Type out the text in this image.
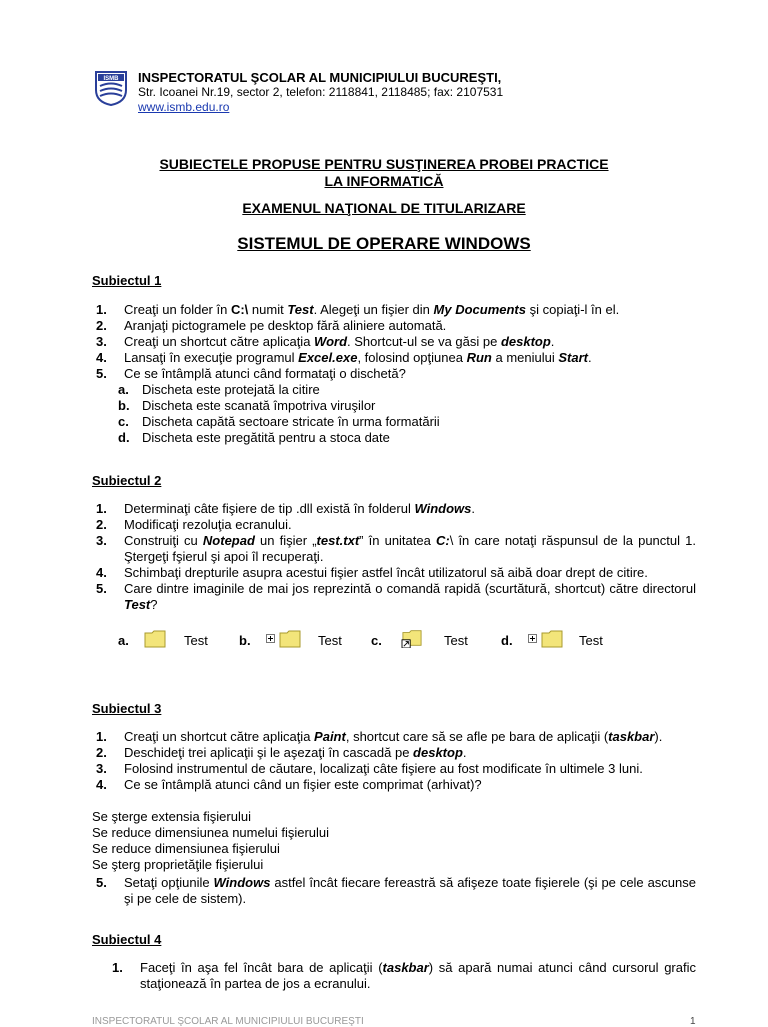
ISMB INSPECTORATUL ŞCOLAR AL MUNICIPIULUI BUCUREŞTI,
Str. Icoanei Nr.19, sector 2, telefon: 2118841, 2118485; fax: 2107531
www.ismb.edu.ro
SUBIECTELE PROPUSE PENTRU SUSŢINEREA PROBEI PRACTICE
LA INFORMATICĂ
EXAMENUL NAŢIONAL DE TITULARIZARE
SISTEMUL DE OPERARE WINDOWS
Subiectul 1
1. Creaţi un folder în C:\ numit Test. Alegeţi un fişier din My Documents şi copiaţi-l în el.
2. Aranjaţi pictogramele pe desktop fără aliniere automată.
3. Creaţi un shortcut către aplicaţia Word. Shortcut-ul se va găsi pe desktop.
4. Lansaţi în execuţie programul Excel.exe, folosind opţiunea Run a meniului Start.
5. Ce se întâmplă atunci când formataţi o dischetă?
a. Discheta este protejată la citire
b. Discheta este scanată împotriva viruşilor
c. Discheta capătă sectoare stricate în urma formatării
d. Discheta este pregătită pentru a stoca date
Subiectul 2
1. Determinaţi câte fişiere de tip .dll există în folderul Windows.
2. Modificaţi rezoluţia ecranului.
3. Construiţi cu Notepad un fişier „test.txt” în unitatea C:\ în care notaţi răspunsul de la punctul 1. Ştergeţi fşierul şi apoi îl recuperaţi.
4. Schimbaţi drepturile asupra acestui fişier astfel încât utilizatorul să aibă doar drept de citire.
5. Care dintre imaginile de mai jos reprezintă o comandă rapidă (scurtătură, shortcut) către directorul Test?
a.	Test b.	Test c.	Test	d.	Test
Subiectul 3
1. Creaţi un shortcut către aplicaţia Paint, shortcut care să se afle pe bara de aplicaţii (taskbar).
2. Deschideţi trei aplicaţii şi le aşezaţi în cascadă pe desktop.
3. Folosind instrumentul de căutare, localizaţi câte fişiere au fost modificate în ultimele 3 luni.
4. Ce se întâmplă atunci când un fişier este comprimat (arhivat)?
Se şterge extensia fişierului
Se reduce dimensiunea numelui fişierului
Se reduce dimensiunea fişierului
Se şterg proprietăţile fişierului
5. Setaţi opţiunile Windows astfel încât fiecare fereastră să afişeze toate fişierele (şi pe cele ascunse şi pe cele de sistem).
Subiectul 4
1. Faceţi în aşa fel încât bara de aplicaţii (taskbar) să apară numai atunci când cursorul grafic staţionează în partea de jos a ecranului.
INSPECTORATUL ŞCOLAR AL MUNICIPIULUI BUCUREŞTI	1
